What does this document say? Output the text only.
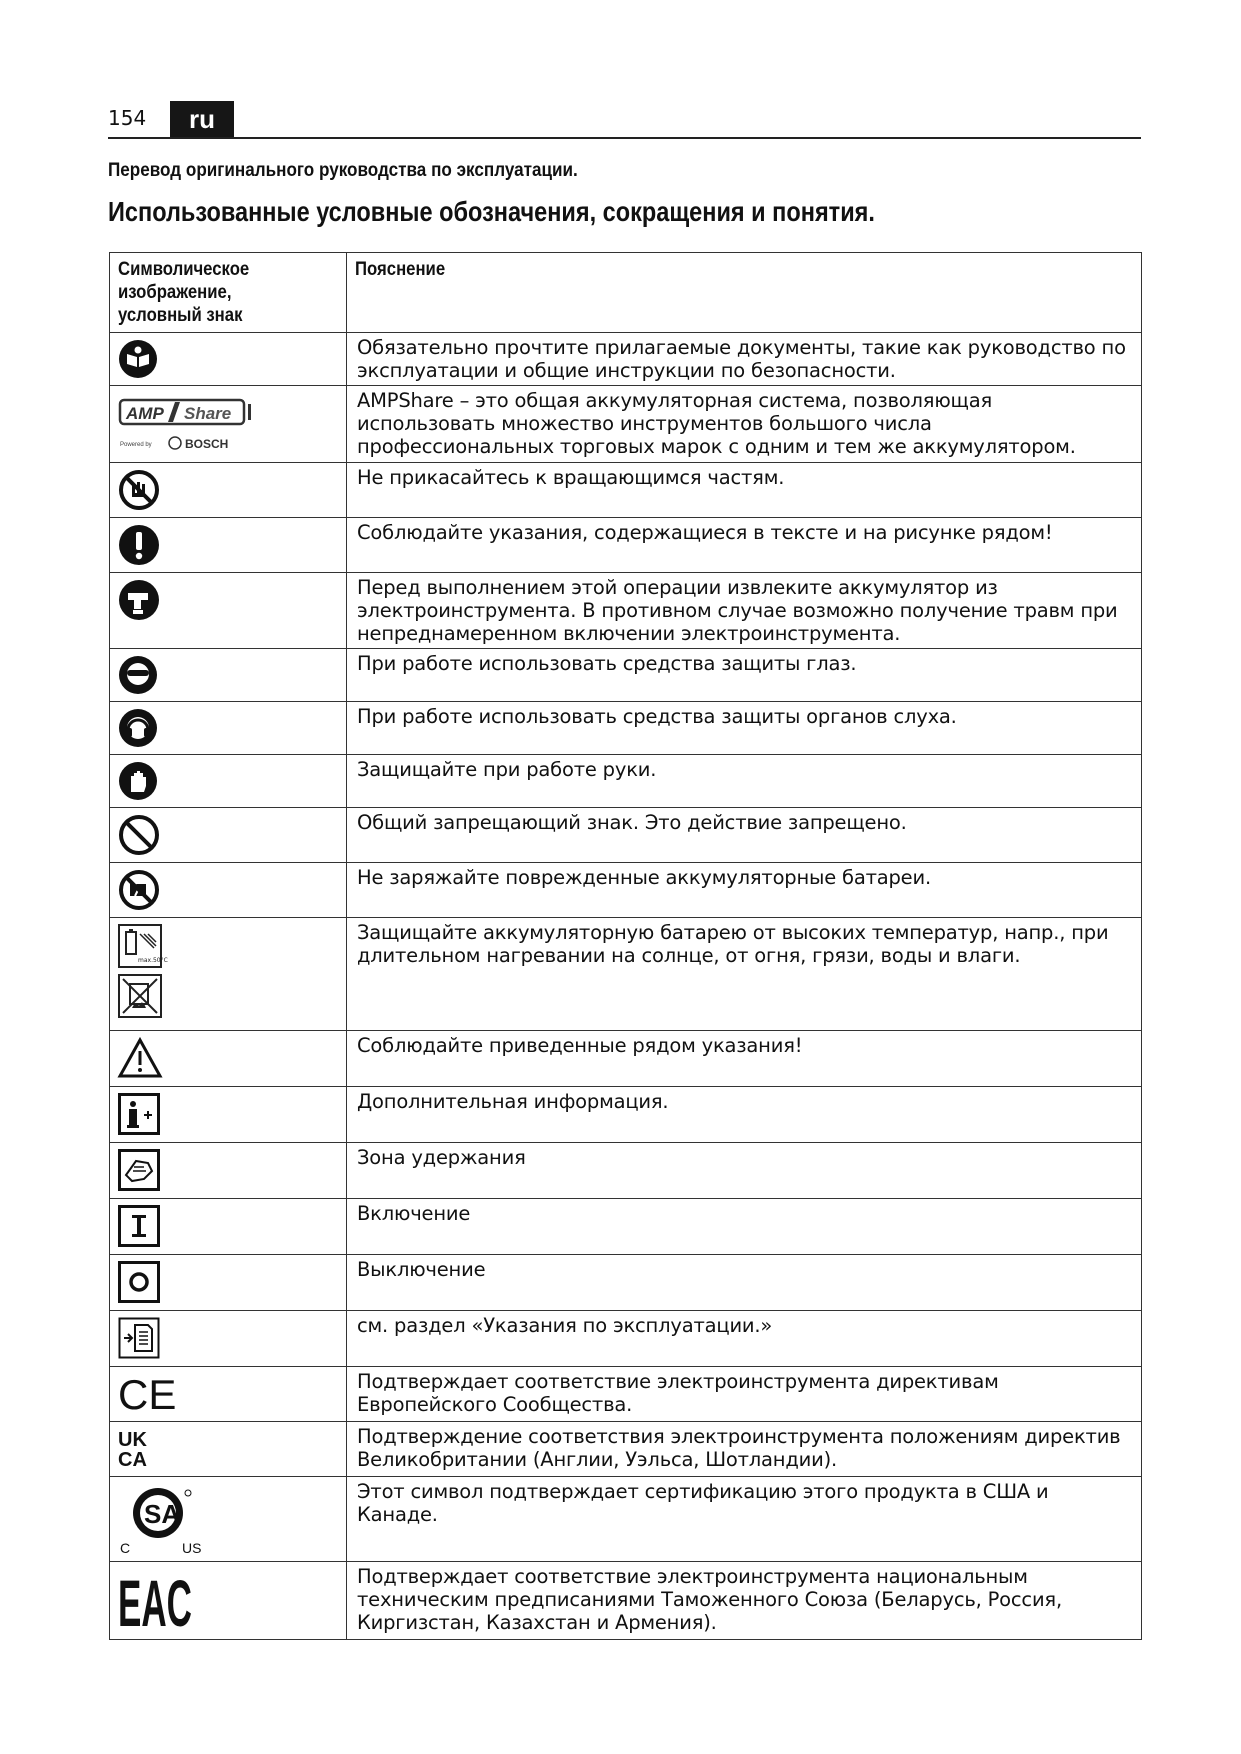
154	ru
Перевод оригинального руководства по эксплуатации.
Использованные условные обозначения, сокращения и понятия.
Символическое изображение, условный знак	Пояснение

	Обязательно прочтите прилагаемые документы, такие как руководство по эксплуатации и общие инструкции по безопасности.

AMP Share
Powered by BOSCH	AMPShare – это общая аккумуляторная система, позволяющая использовать множество инструментов большого числа профессиональных торговых марок с одним и тем же аккумулятором.

	Не прикасайтесь к вращающимся частям.

	Соблюдайте указания, содержащиеся в тексте и на рисунке рядом!

	Перед выполнением этой операции извлеките аккумулятор из электроинструмента. В противном случае возможно получение травм при непреднамеренном включении электроинструмента.

	При работе использовать средства защиты глаз.

	При работе использовать средства защиты органов слуха.

	Защищайте при работе руки.

	Общий запрещающий знак. Это действие запрещено.

	Не заряжайте поврежденные аккумуляторные батареи.

max.50°C	Защищайте аккумуляторную батарею от высоких температур, напр., при длительном нагревании на солнце, от огня, грязи, воды и влаги.

	Соблюдайте приведенные рядом указания!

	Дополнительная информация.

	Зона удержания

	Включение

	Выключение

	см. раздел «Указания по эксплуатации.»

CE	Подтверждает соответствие электроинструмента директивам Европейского Сообщества.

UK
CA	Подтверждение соответствия электроинструмента положениям директив Великобритании (Англии, Уэльса, Шотландии).

SA
C US	Этот символ подтверждает сертификацию этого продукта в США и Канаде.

EAC	Подтверждает соответствие электроинструмента национальным техническим предписаниями Таможенного Союза (Беларусь, Россия, Киргизстан, Казахстан и Армения).
